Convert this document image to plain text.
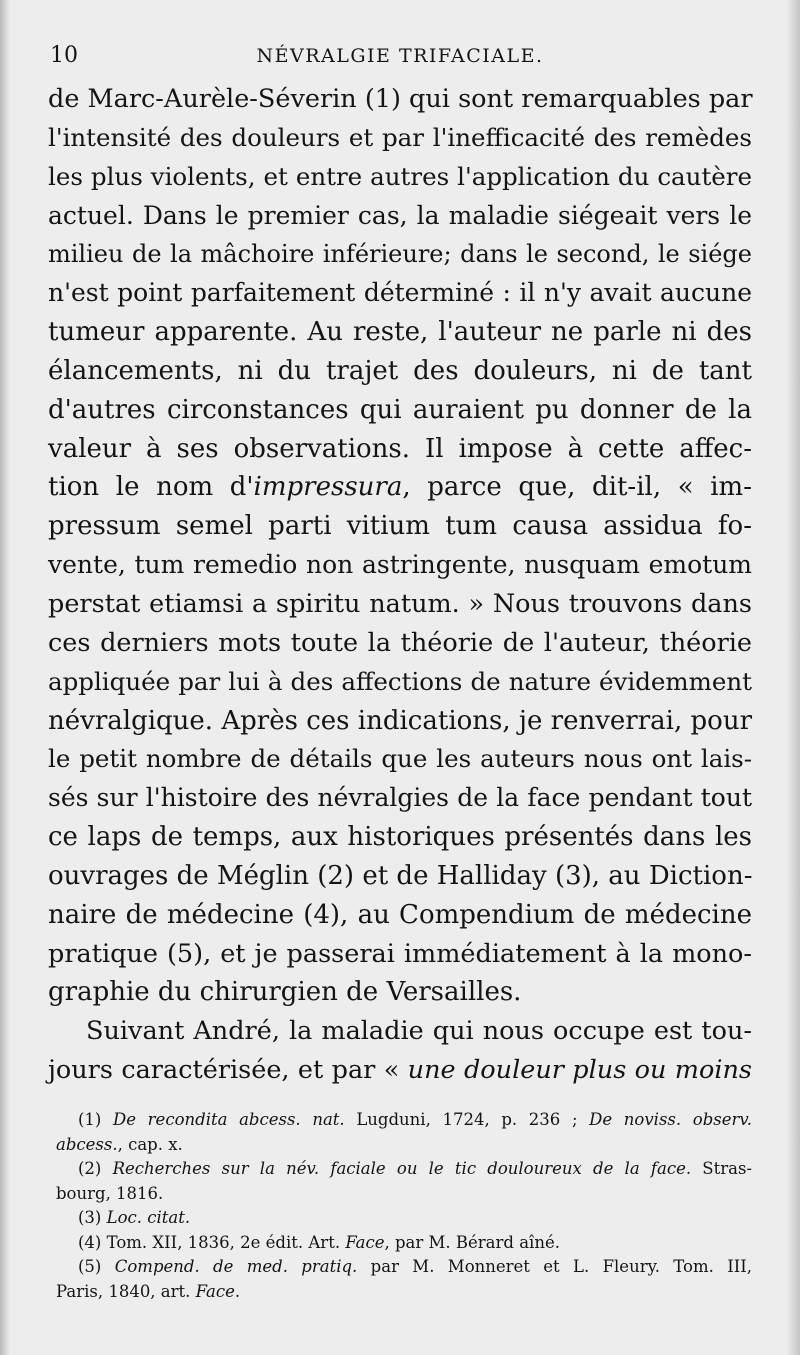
10	NÉVRALGIE TRIFACIALE.
de Marc-Aurèle-Séverin (1) qui sont remarquables par
l'intensité des douleurs et par l'inefficacité des remèdes
les plus violents, et entre autres l'application du cautère
actuel. Dans le premier cas, la maladie siégeait vers le
milieu de la mâchoire inférieure; dans le second, le siége
n'est point parfaitement déterminé : il n'y avait aucune
tumeur apparente. Au reste, l'auteur ne parle ni des
élancements, ni du trajet des douleurs, ni de tant
d'autres circonstances qui auraient pu donner de la
valeur à ses observations. Il impose à cette affec-
tion le nom d'impressura, parce que, dit-il, « im-
pressum semel parti vitium tum causa assidua fo-
vente, tum remedio non astringente, nusquam emotum
perstat etiamsi a spiritu natum. » Nous trouvons dans
ces derniers mots toute la théorie de l'auteur, théorie
appliquée par lui à des affections de nature évidemment
névralgique. Après ces indications, je renverrai, pour
le petit nombre de détails que les auteurs nous ont lais-
sés sur l'histoire des névralgies de la face pendant tout
ce laps de temps, aux historiques présentés dans les
ouvrages de Méglin (2) et de Halliday (3), au Diction-
naire de médecine (4), au Compendium de médecine
pratique (5), et je passerai immédiatement à la mono-
graphie du chirurgien de Versailles.
Suivant André, la maladie qui nous occupe est tou-
jours caractérisée, et par « une douleur plus ou moins
(1) De recondita abcess. nat. Lugduni, 1724, p. 236 ; De noviss. observ.
abcess., cap. x.
(2) Recherches sur la név. faciale ou le tic douloureux de la face. Stras-
bourg, 1816.
(3) Loc. citat.
(4) Tom. XII, 1836, 2e édit. Art. Face, par M. Bérard aîné.
(5) Compend. de med. pratiq. par M. Monneret et L. Fleury. Tom. III,
Paris, 1840, art. Face.
